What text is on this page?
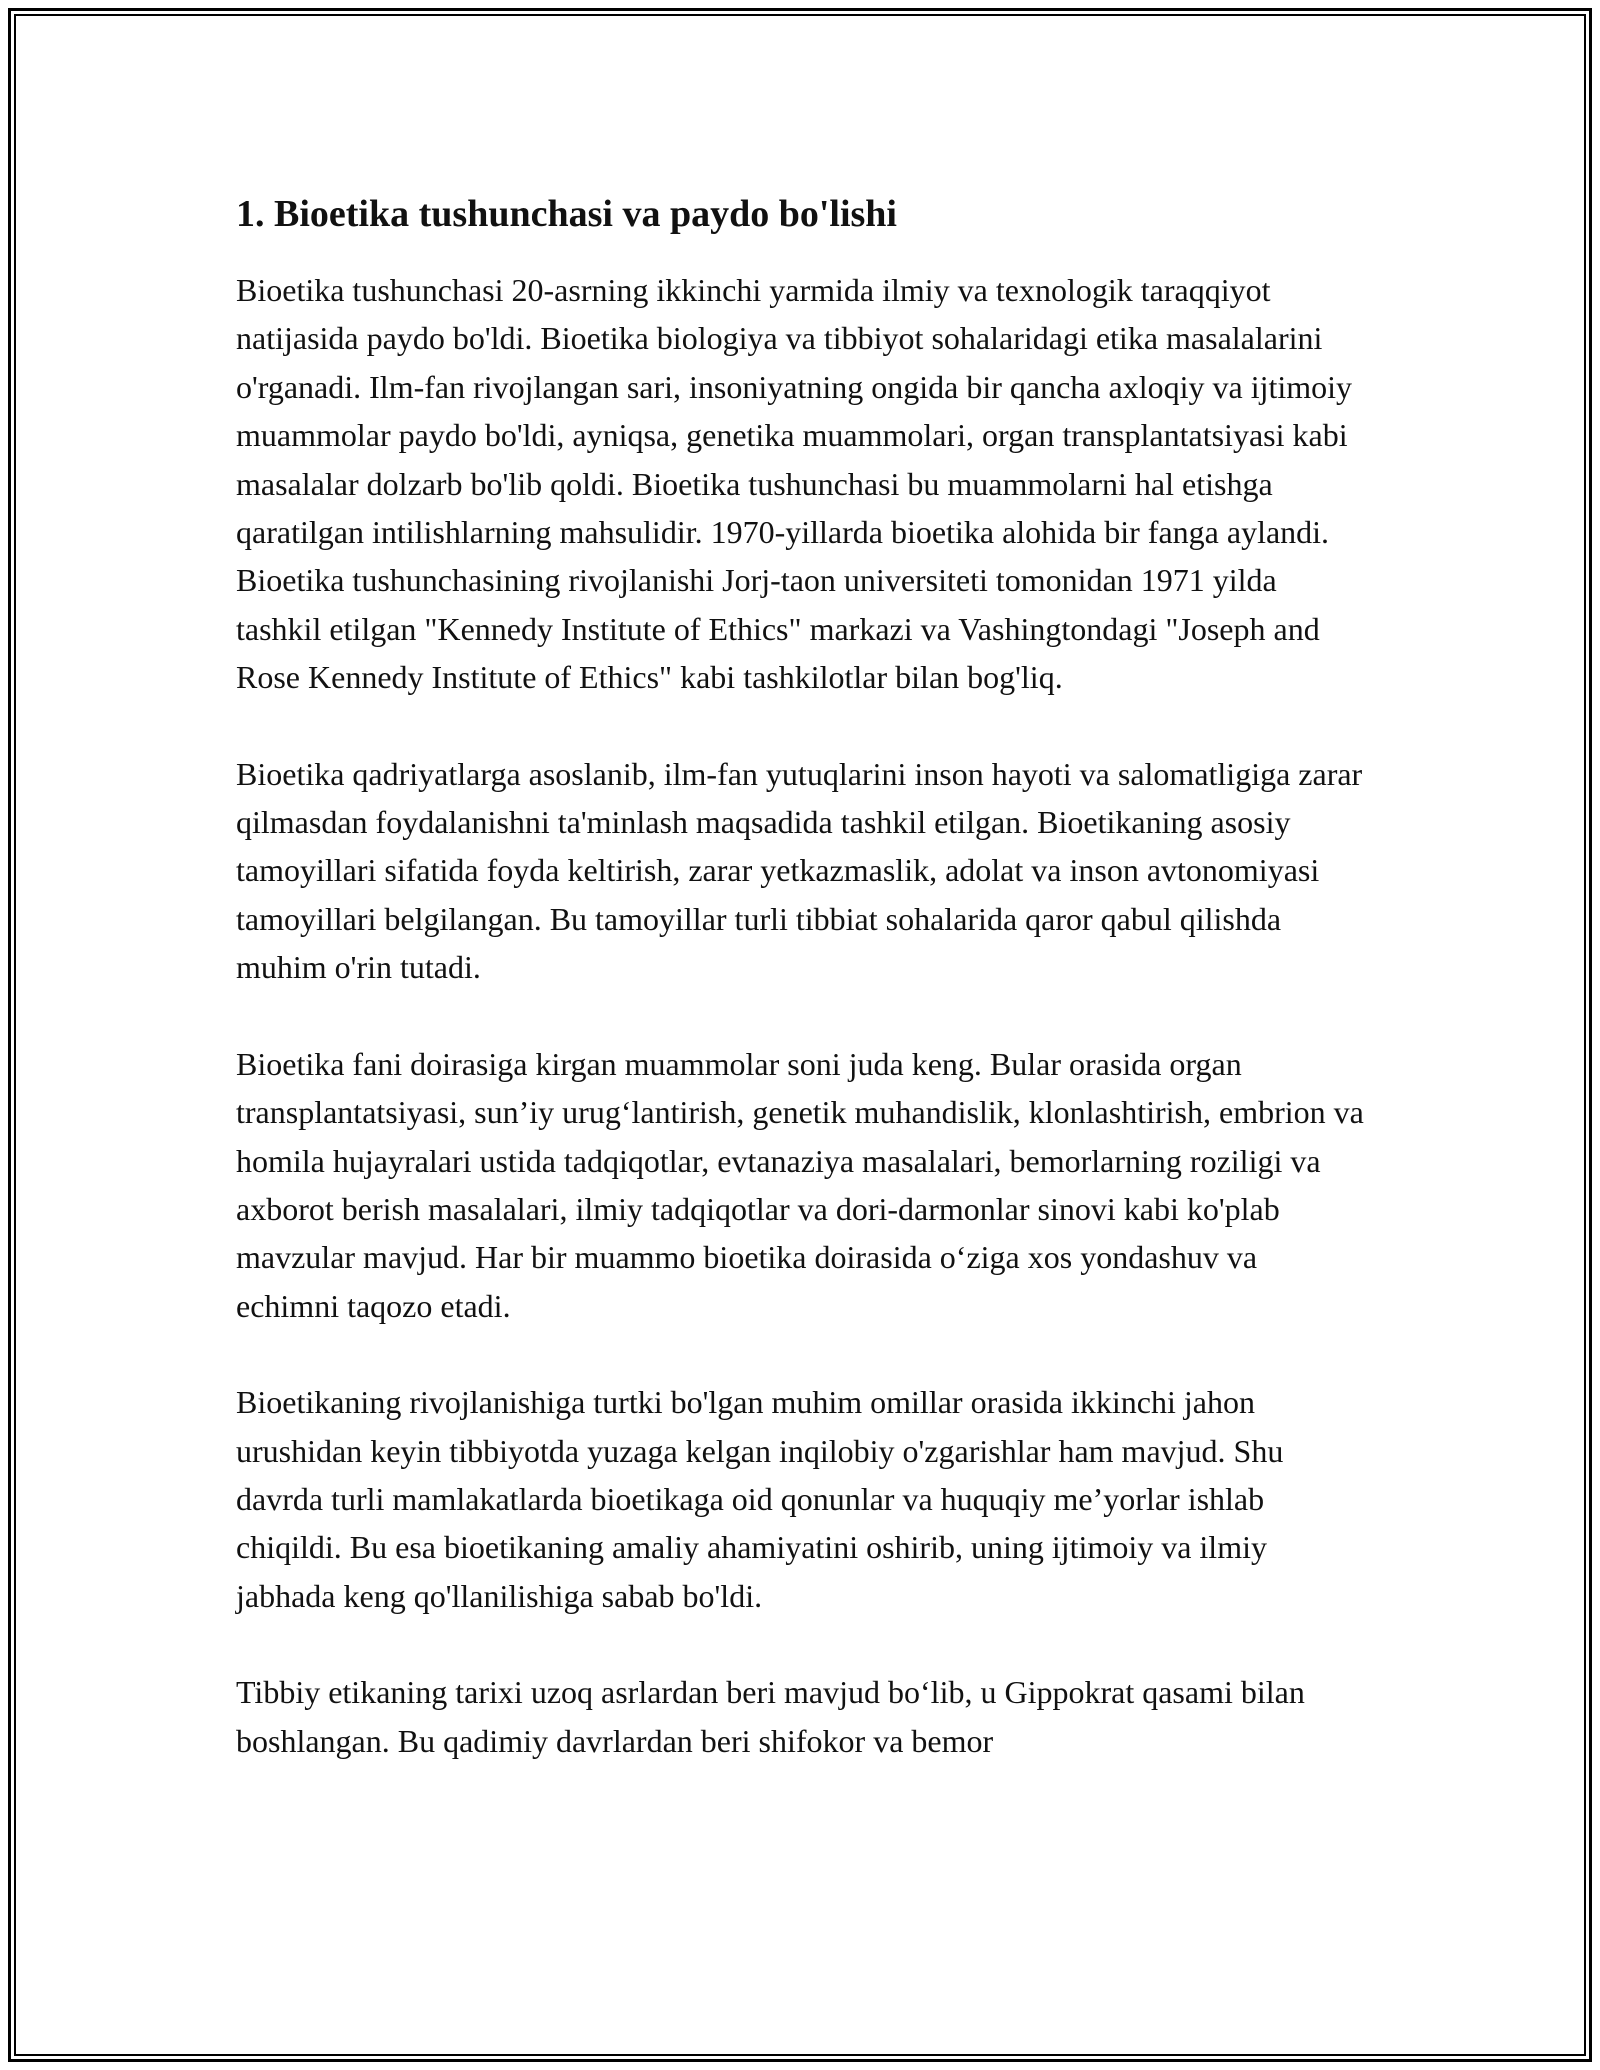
1. Bioetika tushunchasi va paydo bo'lishi

Bioetika tushunchasi 20-asrning ikkinchi yarmida ilmiy va texnologik taraqqiyot natijasida paydo bo'ldi. Bioetika biologiya va tibbiyot sohalaridagi etika masalalarini o'rganadi. Ilm-fan rivojlangan sari, insoniyatning ongida bir qancha axloqiy va ijtimoiy muammolar paydo bo'ldi, ayniqsa, genetika muammolari, organ transplantatsiyasi kabi masalalar dolzarb bo'lib qoldi. Bioetika tushunchasi bu muammolarni hal etishga qaratilgan intilishlarning mahsulidir. 1970-yillarda bioetika alohida bir fanga aylandi. Bioetika tushunchasining rivojlanishi Jorj-taon universiteti tomonidan 1971 yilda tashkil etilgan "Kennedy Institute of Ethics" markazi va Vashingtondagi "Joseph and Rose Kennedy Institute of Ethics" kabi tashkilotlar bilan bog'liq.

Bioetika qadriyatlarga asoslanib, ilm-fan yutuqlarini inson hayoti va salomatligiga zarar qilmasdan foydalanishni ta'minlash maqsadida tashkil etilgan. Bioetikaning asosiy tamoyillari sifatida foyda keltirish, zarar yetkazmaslik, adolat va inson avtonomiyasi tamoyillari belgilangan. Bu tamoyillar turli tibbiat sohalarida qaror qabul qilishda muhim o'rin tutadi.

Bioetika fani doirasiga kirgan muammolar soni juda keng. Bular orasida organ transplantatsiyasi, sun’iy urug‘lantirish, genetik muhandislik, klonlashtirish, embrion va homila hujayralari ustida tadqiqotlar, evtanaziya masalalari, bemorlarning roziligi va axborot berish masalalari, ilmiy tadqiqotlar va dori-darmonlar sinovi kabi ko'plab mavzular mavjud. Har bir muammo bioetika doirasida o‘ziga xos yondashuv va echimni taqozo etadi.

Bioetikaning rivojlanishiga turtki bo'lgan muhim omillar orasida ikkinchi jahon urushidan keyin tibbiyotda yuzaga kelgan inqilobiy o'zgarishlar ham mavjud. Shu davrda turli mamlakatlarda bioetikaga oid qonunlar va huquqiy me’yorlar ishlab chiqildi. Bu esa bioetikaning amaliy ahamiyatini oshirib, uning ijtimoiy va ilmiy jabhada keng qo'llanilishiga sabab bo'ldi.

Tibbiy etikaning tarixi uzoq asrlardan beri mavjud bo‘lib, u Gippokrat qasami bilan boshlangan. Bu qadimiy davrlardan beri shifokor va bemor
